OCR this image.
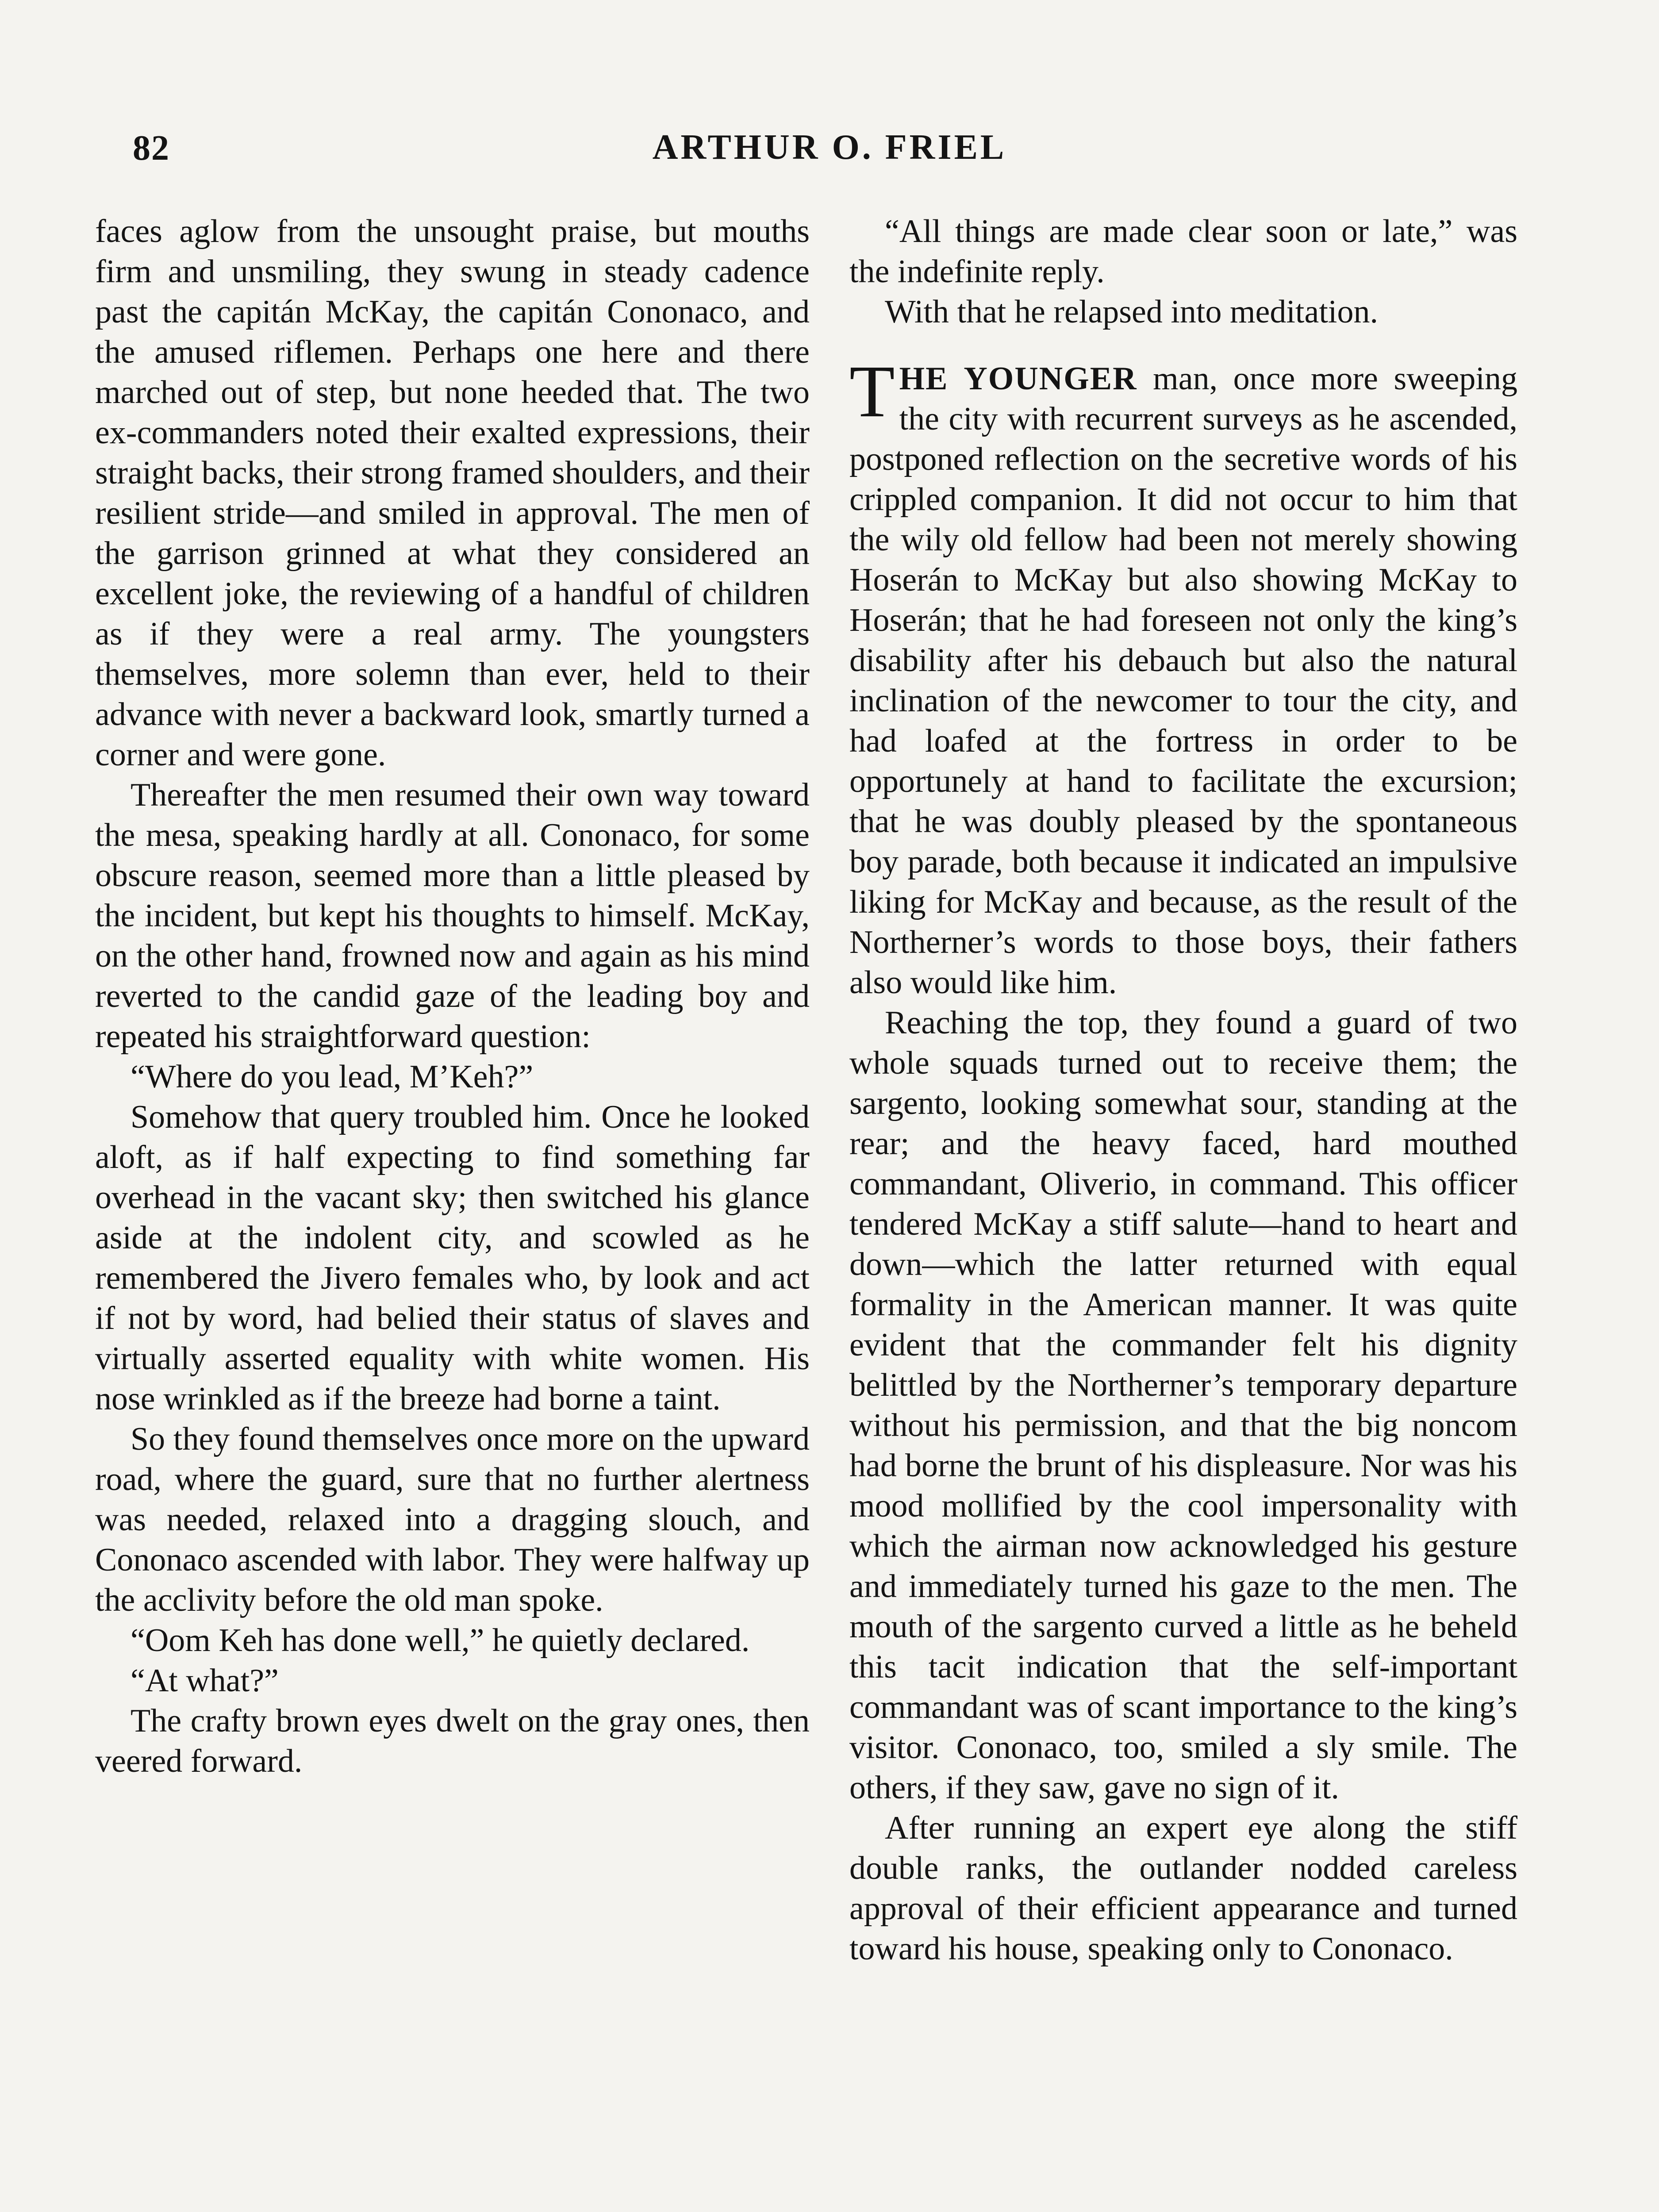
82	ARTHUR O. FRIEL

faces aglow from the unsought praise, but mouths firm and unsmiling, they swung in steady cadence past the capitán McKay, the capitán Cononaco, and the amused riflemen. Perhaps one here and there marched out of step, but none heeded that. The two ex-commanders noted their exalted expressions, their straight backs, their strong framed shoulders, and their resilient stride—and smiled in approval. The men of the garrison grinned at what they considered an excellent joke, the reviewing of a handful of children as if they were a real army. The youngsters themselves, more solemn than ever, held to their advance with never a backward look, smartly turned a corner and were gone.

Thereafter the men resumed their own way toward the mesa, speaking hardly at all. Cononaco, for some obscure reason, seemed more than a little pleased by the incident, but kept his thoughts to himself. McKay, on the other hand, frowned now and again as his mind reverted to the candid gaze of the leading boy and repeated his straightforward question:

“Where do you lead, M’Keh?”

Somehow that query troubled him. Once he looked aloft, as if half expecting to find something far overhead in the vacant sky; then switched his glance aside at the indolent city, and scowled as he remembered the Jivero females who, by look and act if not by word, had belied their status of slaves and virtually asserted equality with white women. His nose wrinkled as if the breeze had borne a taint.

So they found themselves once more on the upward road, where the guard, sure that no further alertness was needed, relaxed into a dragging slouch, and Cononaco ascended with labor. They were halfway up the acclivity before the old man spoke.

“Oom Keh has done well,” he quietly declared.

“At what?”

The crafty brown eyes dwelt on the gray ones, then veered forward.

“All things are made clear soon or late,” was the indefinite reply.

With that he relapsed into meditation.

THE YOUNGER man, once more sweeping the city with recurrent surveys as he ascended, postponed reflection on the secretive words of his crippled companion. It did not occur to him that the wily old fellow had been not merely showing Hoserán to McKay but also showing McKay to Hoserán; that he had foreseen not only the king’s disability after his debauch but also the natural inclination of the newcomer to tour the city, and had loafed at the fortress in order to be opportunely at hand to facilitate the excursion; that he was doubly pleased by the spontaneous boy parade, both because it indicated an impulsive liking for McKay and because, as the result of the Northerner’s words to those boys, their fathers also would like him.

Reaching the top, they found a guard of two whole squads turned out to receive them; the sargento, looking somewhat sour, standing at the rear; and the heavy faced, hard mouthed commandant, Oliverio, in command. This officer tendered McKay a stiff salute—hand to heart and down—which the latter returned with equal formality in the American manner. It was quite evident that the commander felt his dignity belittled by the Northerner’s temporary departure without his permission, and that the big noncom had borne the brunt of his displeasure. Nor was his mood mollified by the cool impersonality with which the airman now acknowledged his gesture and immediately turned his gaze to the men. The mouth of the sargento curved a little as he beheld this tacit indication that the self-important commandant was of scant importance to the king’s visitor. Cononaco, too, smiled a sly smile. The others, if they saw, gave no sign of it.

After running an expert eye along the stiff double ranks, the outlander nodded careless approval of their efficient appearance and turned toward his house, speaking only to Cononaco.
